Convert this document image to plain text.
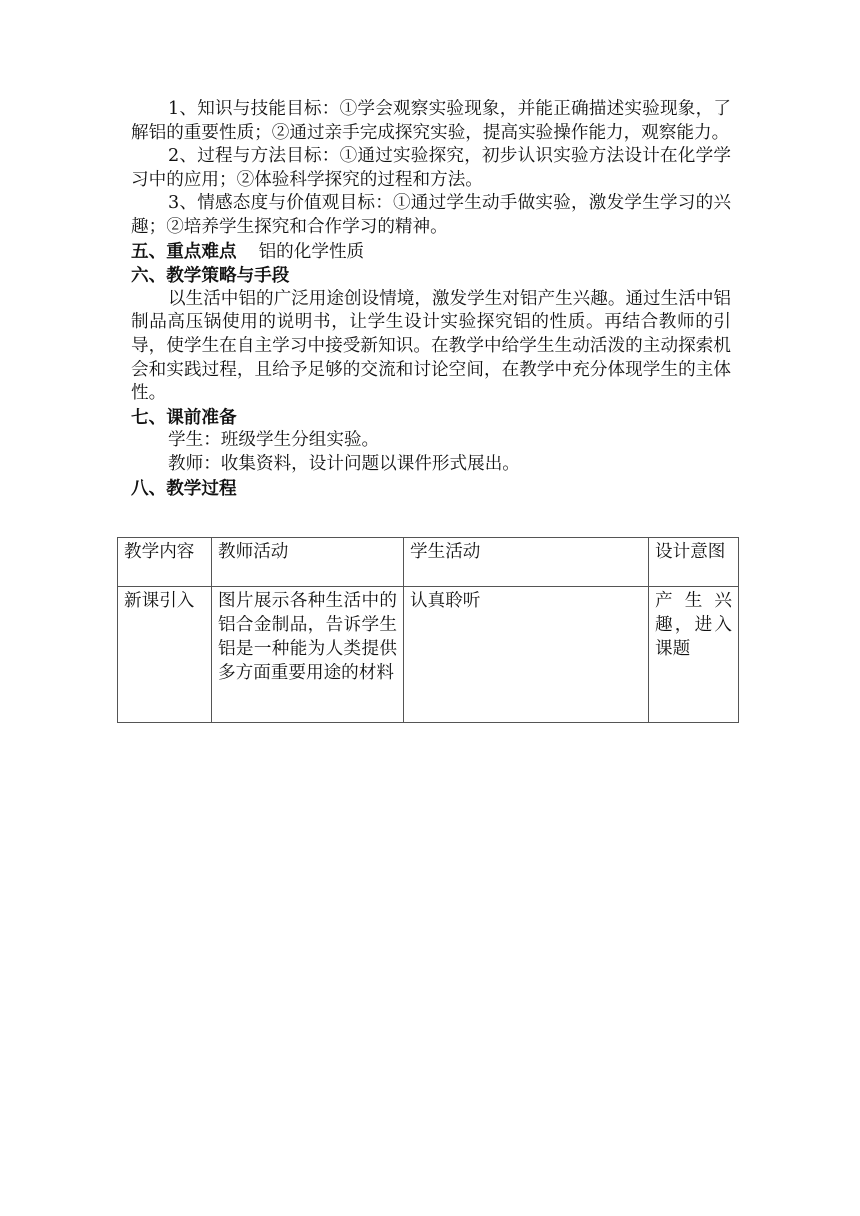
1、知识与技能目标：①学会观察实验现象，并能正确描述实验现象，了解铝的重要性质；②通过亲手完成探究实验，提高实验操作能力，观察能力。

2、过程与方法目标：①通过实验探究，初步认识实验方法设计在化学学习中的应用；②体验科学探究的过程和方法。

3、情感态度与价值观目标：①通过学生动手做实验，激发学生学习的兴趣；②培养学生探究和合作学习的精神。

五、重点难点 铝的化学性质

六、教学策略与手段

以生活中铝的广泛用途创设情境，激发学生对铝产生兴趣。通过生活中铝制品高压锅使用的说明书，让学生设计实验探究铝的性质。再结合教师的引导，使学生在自主学习中接受新知识。在教学中给学生生动活泼的主动探索机会和实践过程，且给予足够的交流和讨论空间，在教学中充分体现学生的主体性。

七、课前准备

学生：班级学生分组实验。

教师：收集资料，设计问题以课件形式展出。

八、教学过程

教学内容	教师活动	学生活动	设计意图
新课引入	图片展示各种生活中的铝合金制品，告诉学生铝是一种能为人类提供多方面重要用途的材料	认真聆听	产生兴趣，进入课题
